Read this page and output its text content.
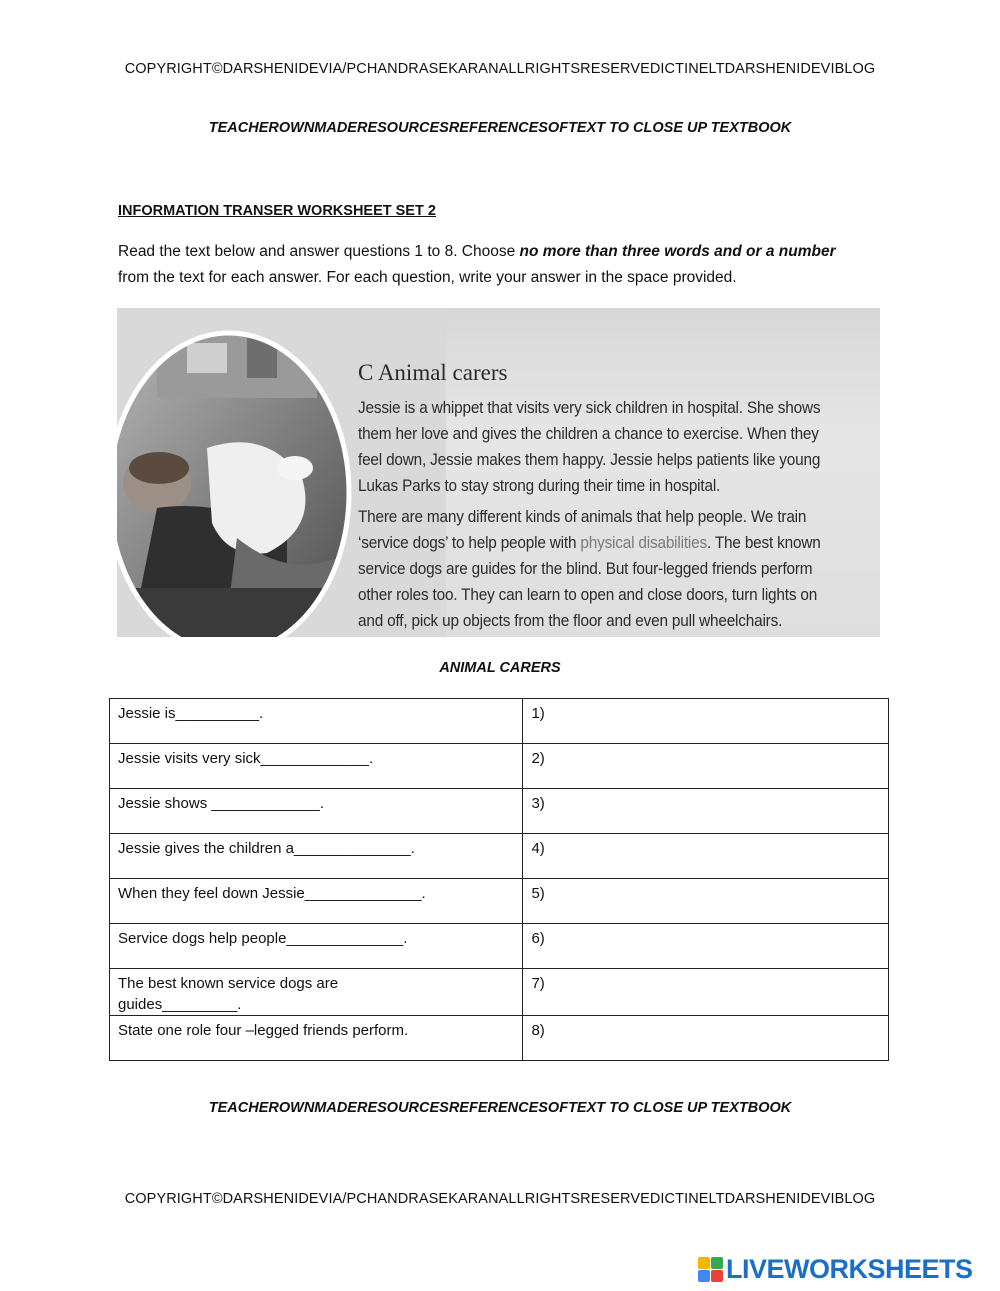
COPYRIGHT©DARSHENIDEVIA/PCHANDRASEKARANALLRIGHTSRESERVEDICTINELTDARSHENIDEVIBLOG
TEACHEROWNMADERESOURCESREFERENCESOFTEXT TO CLOSE UP TEXTBOOK
INFORMATION TRANSER WORKSHEET SET 2
Read the text below and answer questions 1 to 8. Choose no more than three words and or a number
from the text for each answer. For each question, write your answer in the space provided.
C Animal carers
Jessie is a whippet that visits very sick children in hospital. She shows them her love and gives the children a chance to exercise. When they feel down, Jessie makes them happy. Jessie helps patients like young Lukas Parks to stay strong during their time in hospital.
There are many different kinds of animals that help people. We train ‘service dogs’ to help people with physical disabilities. The best known service dogs are guides for the blind. But four-legged friends perform other roles too. They can learn to open and close doors, turn lights on and off, pick up objects from the floor and even pull wheelchairs.
ANIMAL CARERS
Jessie is__________.	1)
Jessie visits very sick_____________.	2)
Jessie shows _____________.	3)
Jessie gives the children a______________.	4)
When they feel down Jessie______________.	5)
Service dogs help people______________.	6)
The best known service dogs are guides_________.	7)
State one role four –legged friends perform.	8)
TEACHEROWNMADERESOURCESREFERENCESOFTEXT TO CLOSE UP TEXTBOOK
COPYRIGHT©DARSHENIDEVIA/PCHANDRASEKARANALLRIGHTSRESERVEDICTINELTDARSHENIDEVIBLOG
LIVEWORKSHEETS
